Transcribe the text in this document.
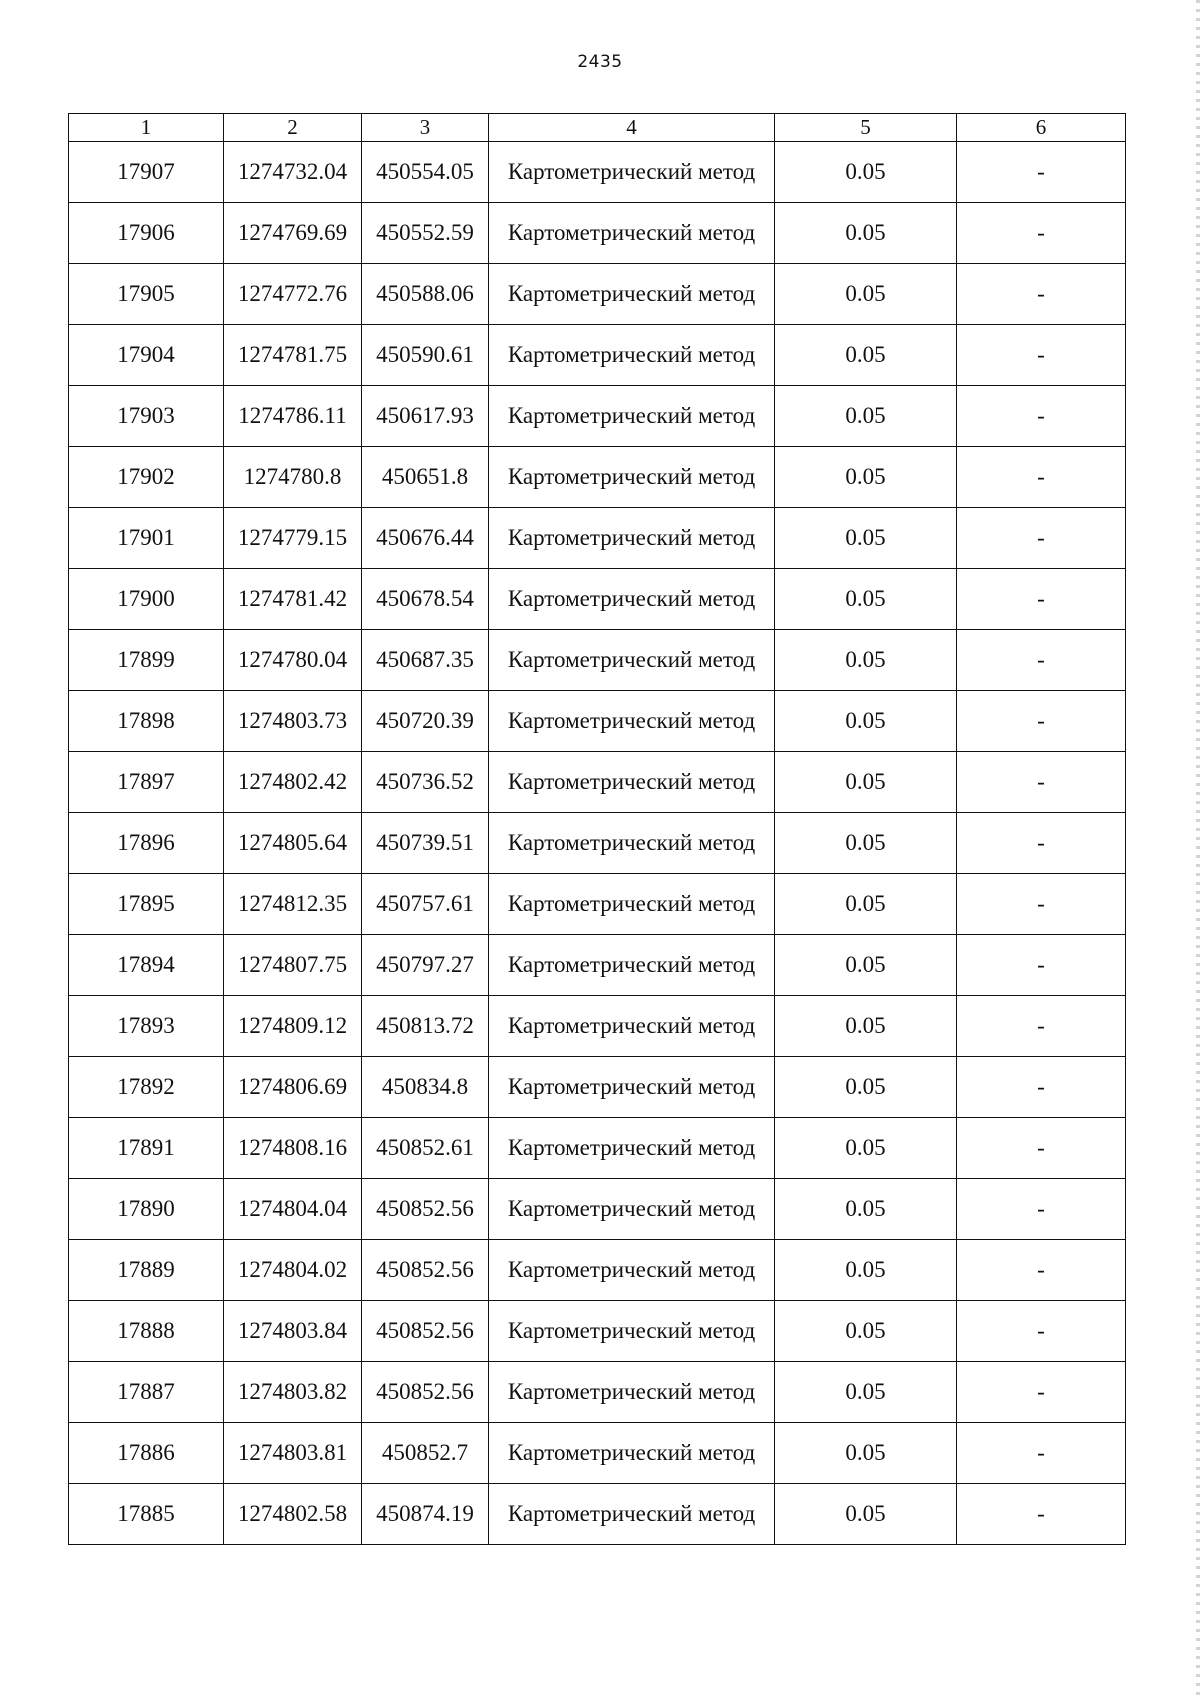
2435
1	2	3	4	5	6
17907	1274732.04	450554.05	Картометрический метод	0.05	-
17906	1274769.69	450552.59	Картометрический метод	0.05	-
17905	1274772.76	450588.06	Картометрический метод	0.05	-
17904	1274781.75	450590.61	Картометрический метод	0.05	-
17903	1274786.11	450617.93	Картометрический метод	0.05	-
17902	1274780.8	450651.8	Картометрический метод	0.05	-
17901	1274779.15	450676.44	Картометрический метод	0.05	-
17900	1274781.42	450678.54	Картометрический метод	0.05	-
17899	1274780.04	450687.35	Картометрический метод	0.05	-
17898	1274803.73	450720.39	Картометрический метод	0.05	-
17897	1274802.42	450736.52	Картометрический метод	0.05	-
17896	1274805.64	450739.51	Картометрический метод	0.05	-
17895	1274812.35	450757.61	Картометрический метод	0.05	-
17894	1274807.75	450797.27	Картометрический метод	0.05	-
17893	1274809.12	450813.72	Картометрический метод	0.05	-
17892	1274806.69	450834.8	Картометрический метод	0.05	-
17891	1274808.16	450852.61	Картометрический метод	0.05	-
17890	1274804.04	450852.56	Картометрический метод	0.05	-
17889	1274804.02	450852.56	Картометрический метод	0.05	-
17888	1274803.84	450852.56	Картометрический метод	0.05	-
17887	1274803.82	450852.56	Картометрический метод	0.05	-
17886	1274803.81	450852.7	Картометрический метод	0.05	-
17885	1274802.58	450874.19	Картометрический метод	0.05	-
